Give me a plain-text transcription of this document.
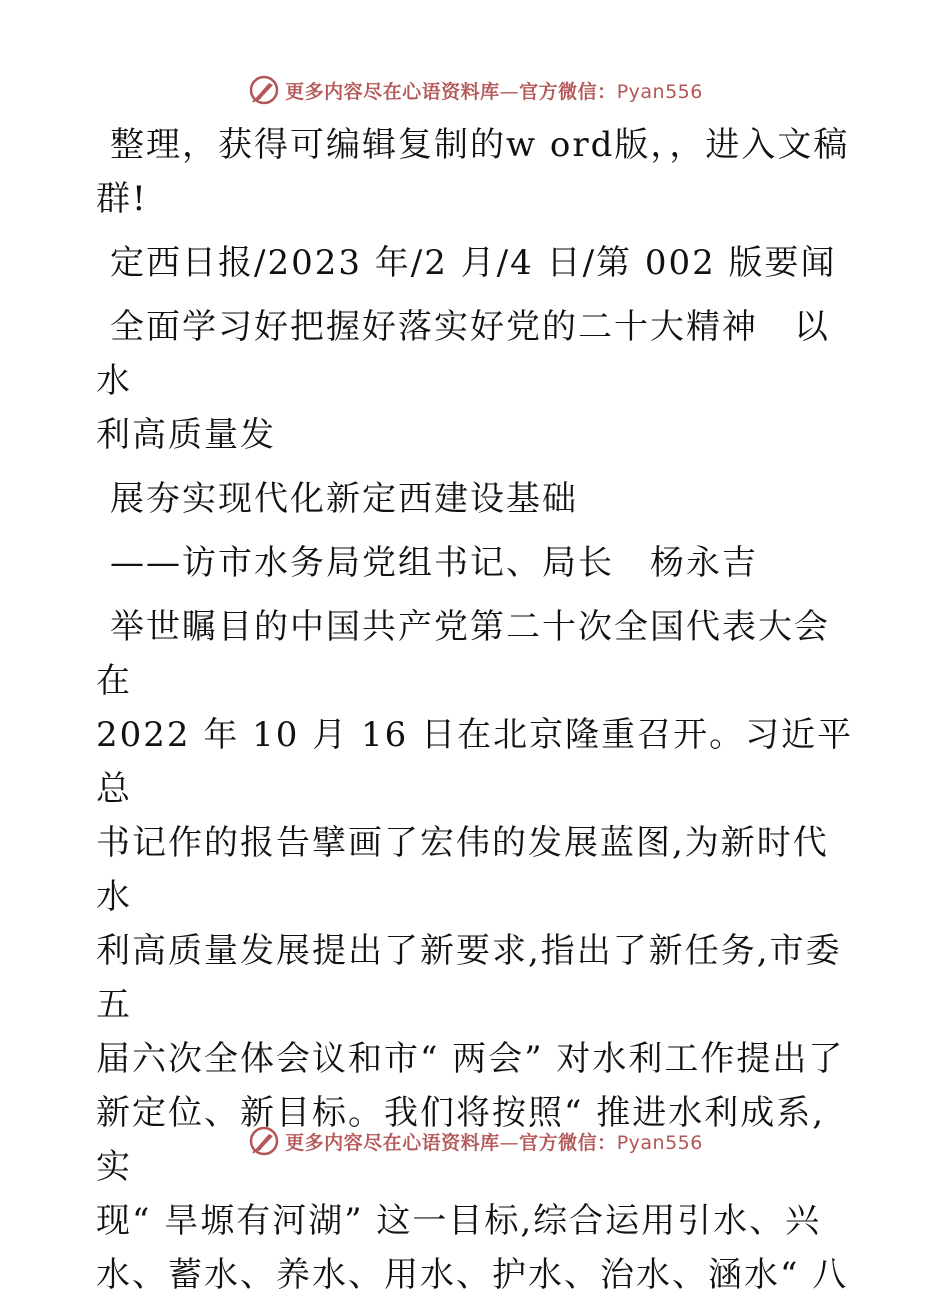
更多内容尽在心语资料库—官方微信：Pyan556

整理，获得可编辑复制的w ord版，，进入文稿
群!

定西日报/2023 年/2 月/4 日/第 002 版要闻

全面学习好把握好落实好党的二十大精神　以水
利高质量发

展夯实现代化新定西建设基础

——访市水务局党组书记、局长　杨永吉

举世瞩目的中国共产党第二十次全国代表大会在
2022 年 10 月 16 日在北京隆重召开。习近平总
书记作的报告擘画了宏伟的发展蓝图,为新时代水
利高质量发展提出了新要求,指出了新任务,市委五
届六次全体会议和市“ 两会” 对水利工作提出了
新定位、新目标。我们将按照“ 推进水利成系,实
现“ 旱塬有河湖” 这一目标,综合运用引水、兴
水、蓄水、养水、用水、护水、治水、涵水“ 八

更多内容尽在心语资料库—官方微信：Pyan556
